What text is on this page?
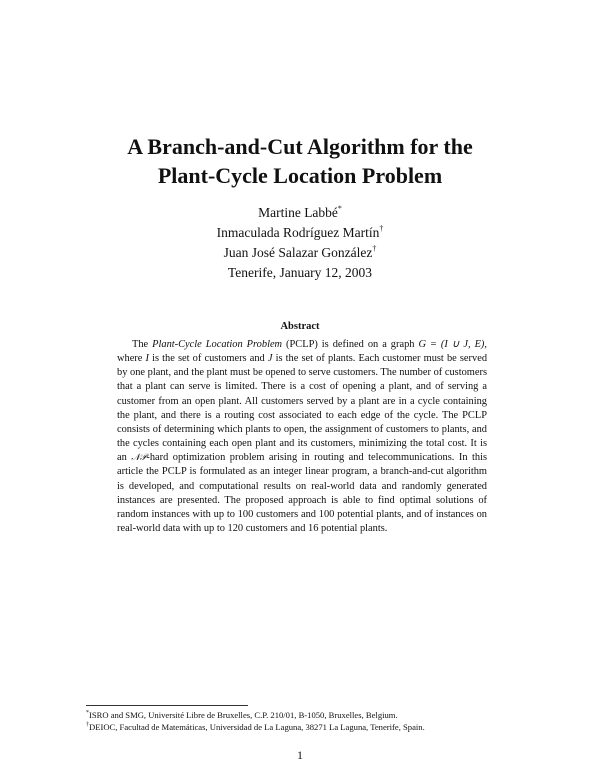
A Branch-and-Cut Algorithm for the
Plant-Cycle Location Problem
Martine Labbé*
Inmaculada Rodríguez Martín†
Juan José Salazar González†
Tenerife, January 12, 2003
Abstract

The Plant-Cycle Location Problem (PCLP) is defined on a graph G = (I ∪ J, E), where I is the set of customers and J is the set of plants. Each customer must be served by one plant, and the plant must be opened to serve customers. The number of customers that a plant can serve is limited. There is a cost of opening a plant, and of serving a customer from an open plant. All customers served by a plant are in a cycle containing the plant, and there is a routing cost associated to each edge of the cycle. The PCLP consists of determining which plants to open, the assignment of customers to plants, and the cycles containing each open plant and its customers, minimizing the total cost. It is an 𝒩𝒫-hard optimization problem arising in routing and telecommunications. In this article the PCLP is formulated as an integer linear program, a branch-and-cut algorithm is developed, and computational results on real-world data and randomly generated instances are presented. The proposed approach is able to find optimal solutions of random instances with up to 100 customers and 100 potential plants, and of instances on real-world data with up to 120 customers and 16 potential plants.

*ISRO and SMG, Université Libre de Bruxelles, C.P. 210/01, B-1050, Bruxelles, Belgium.
†DEIOC, Facultad de Matemáticas, Universidad de La Laguna, 38271 La Laguna, Tenerife, Spain.
1
